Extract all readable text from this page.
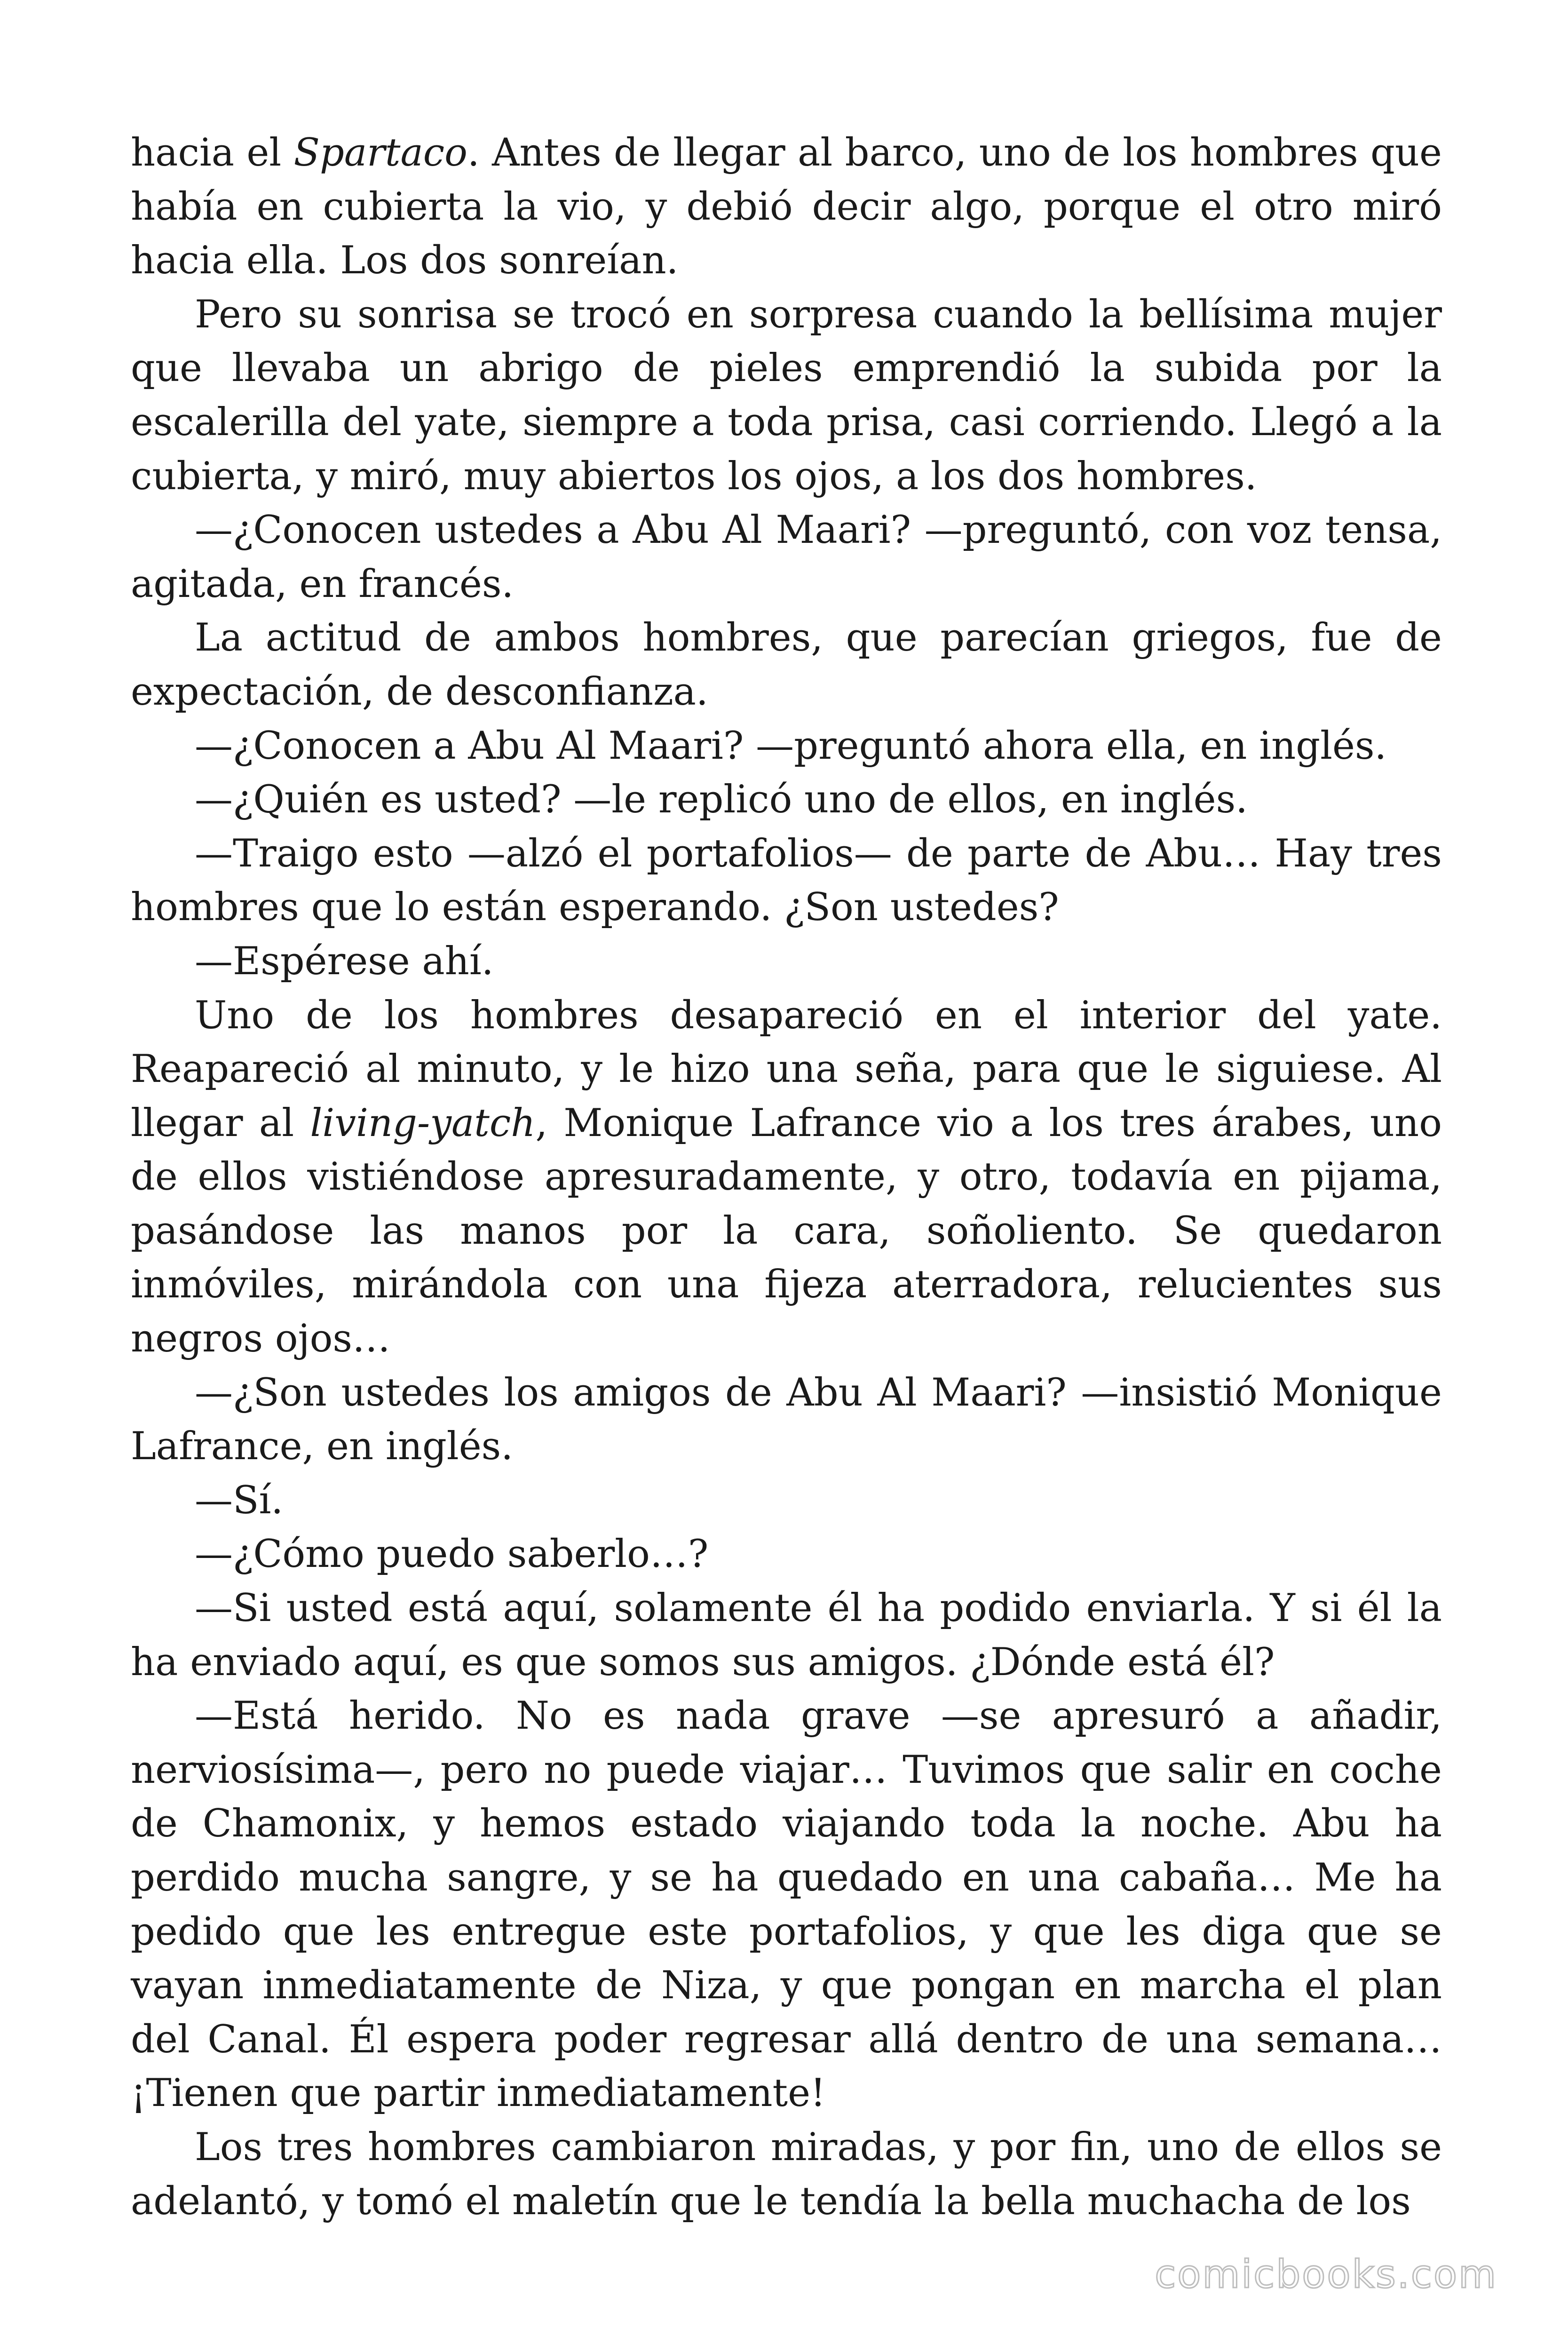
hacia el Spartaco. Antes de llegar al barco, uno de los hombres que había en cubierta la vio, y debió decir algo, porque el otro miró hacia ella. Los dos sonreían.

Pero su sonrisa se trocó en sorpresa cuando la bellísima mujer que llevaba un abrigo de pieles emprendió la subida por la escalerilla del yate, siempre a toda prisa, casi corriendo. Llegó a la cubierta, y miró, muy abiertos los ojos, a los dos hombres.

—¿Conocen ustedes a Abu Al Maari? —preguntó, con voz tensa, agitada, en francés.

La actitud de ambos hombres, que parecían griegos, fue de expectación, de desconfianza.

—¿Conocen a Abu Al Maari? —preguntó ahora ella, en inglés.

—¿Quién es usted? —le replicó uno de ellos, en inglés.

—Traigo esto —alzó el portafolios— de parte de Abu… Hay tres hombres que lo están esperando. ¿Son ustedes?

—Espérese ahí.

Uno de los hombres desapareció en el interior del yate. Reapareció al minuto, y le hizo una seña, para que le siguiese. Al llegar al living-yatch, Monique Lafrance vio a los tres árabes, uno de ellos vistiéndose apresuradamente, y otro, todavía en pijama, pasándose las manos por la cara, soñoliento. Se quedaron inmóviles, mirándola con una fijeza aterradora, relucientes sus negros ojos…

—¿Son ustedes los amigos de Abu Al Maari? —insistió Monique Lafrance, en inglés.

—Sí.

—¿Cómo puedo saberlo…?

—Si usted está aquí, solamente él ha podido enviarla. Y si él la ha enviado aquí, es que somos sus amigos. ¿Dónde está él?

—Está herido. No es nada grave —se apresuró a añadir, nerviosísima—, pero no puede viajar… Tuvimos que salir en coche de Chamonix, y hemos estado viajando toda la noche. Abu ha perdido mucha sangre, y se ha quedado en una cabaña… Me ha pedido que les entregue este portafolios, y que les diga que se vayan inmediatamente de Niza, y que pongan en marcha el plan del Canal. Él espera poder regresar allá dentro de una semana… ¡Tienen que partir inmediatamente!

Los tres hombres cambiaron miradas, y por fin, uno de ellos se adelantó, y tomó el maletín que le tendía la bella muchacha de los

comicbooks.com
